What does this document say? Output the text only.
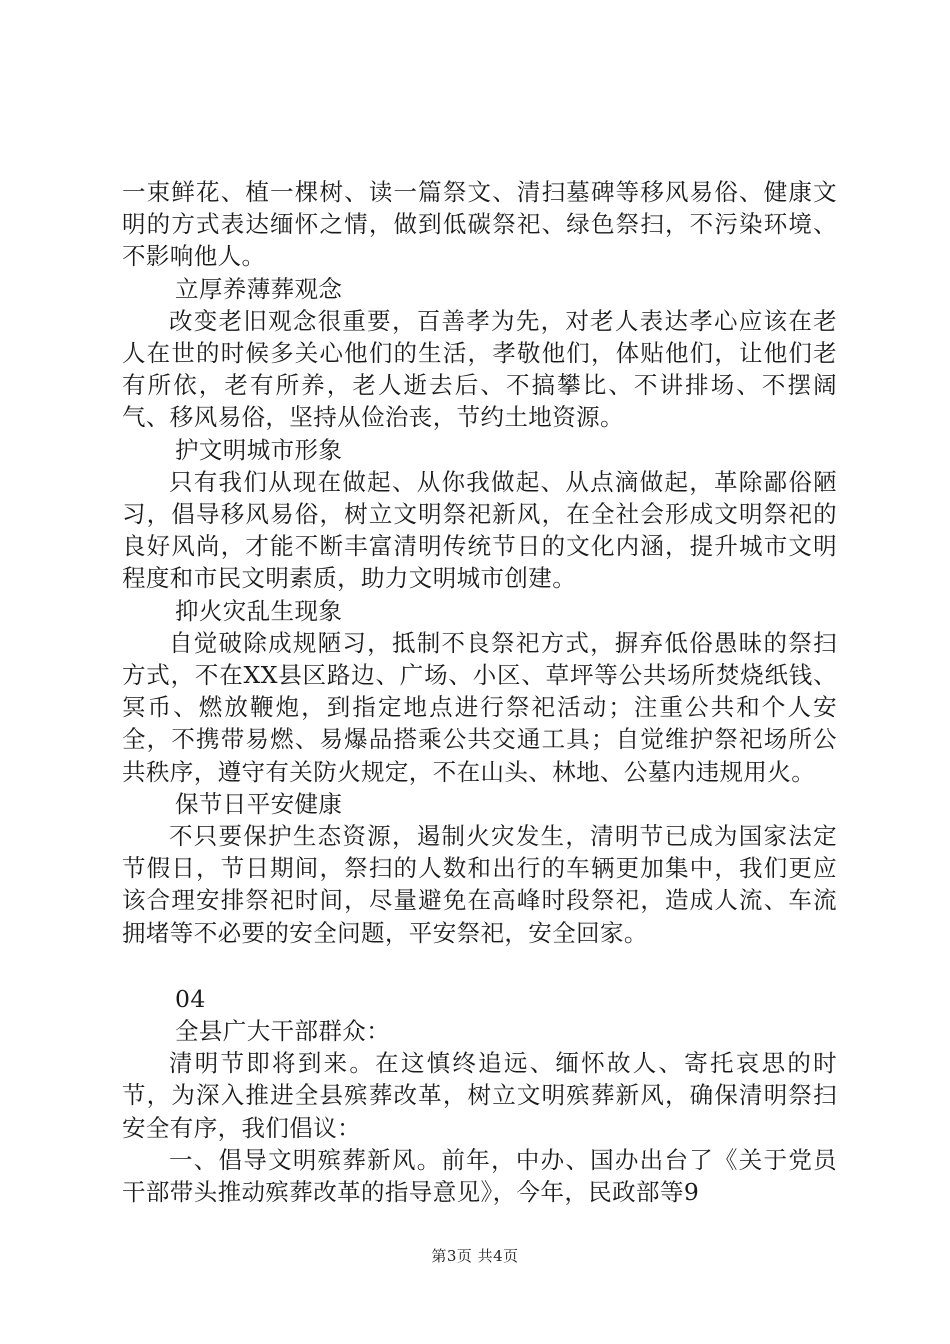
一束鲜花、植一棵树、读一篇祭文、清扫墓碑等移风易俗、健康文明的方式表达缅怀之情，做到低碳祭祀、绿色祭扫，不污染环境、不影响他人。

立厚养薄葬观念

改变老旧观念很重要，百善孝为先，对老人表达孝心应该在老人在世的时候多关心他们的生活，孝敬他们，体贴他们，让他们老有所依，老有所养，老人逝去后、不搞攀比、不讲排场、不摆阔气、移风易俗，坚持从俭治丧，节约土地资源。

护文明城市形象

只有我们从现在做起、从你我做起、从点滴做起，革除鄙俗陋习，倡导移风易俗，树立文明祭祀新风，在全社会形成文明祭祀的良好风尚，才能不断丰富清明传统节日的文化内涵，提升城市文明程度和市民文明素质，助力文明城市创建。

抑火灾乱生现象

自觉破除成规陋习，抵制不良祭祀方式，摒弃低俗愚昧的祭扫方式，不在XX县区路边、广场、小区、草坪等公共场所焚烧纸钱、冥币、燃放鞭炮，到指定地点进行祭祀活动；注重公共和个人安全，不携带易燃、易爆品搭乘公共交通工具；自觉维护祭祀场所公共秩序，遵守有关防火规定，不在山头、林地、公墓内违规用火。

保节日平安健康

不只要保护生态资源，遏制火灾发生，清明节已成为国家法定节假日，节日期间，祭扫的人数和出行的车辆更加集中，我们更应该合理安排祭祀时间，尽量避免在高峰时段祭祀，造成人流、车流拥堵等不必要的安全问题，平安祭祀，安全回家。

04

全县广大干部群众：

清明节即将到来。在这慎终追远、缅怀故人、寄托哀思的时节，为深入推进全县殡葬改革，树立文明殡葬新风，确保清明祭扫安全有序，我们倡议：

一、倡导文明殡葬新风。前年，中办、国办出台了《关于党员干部带头推动殡葬改革的指导意见》，今年，民政部等9

第3页 共4页
